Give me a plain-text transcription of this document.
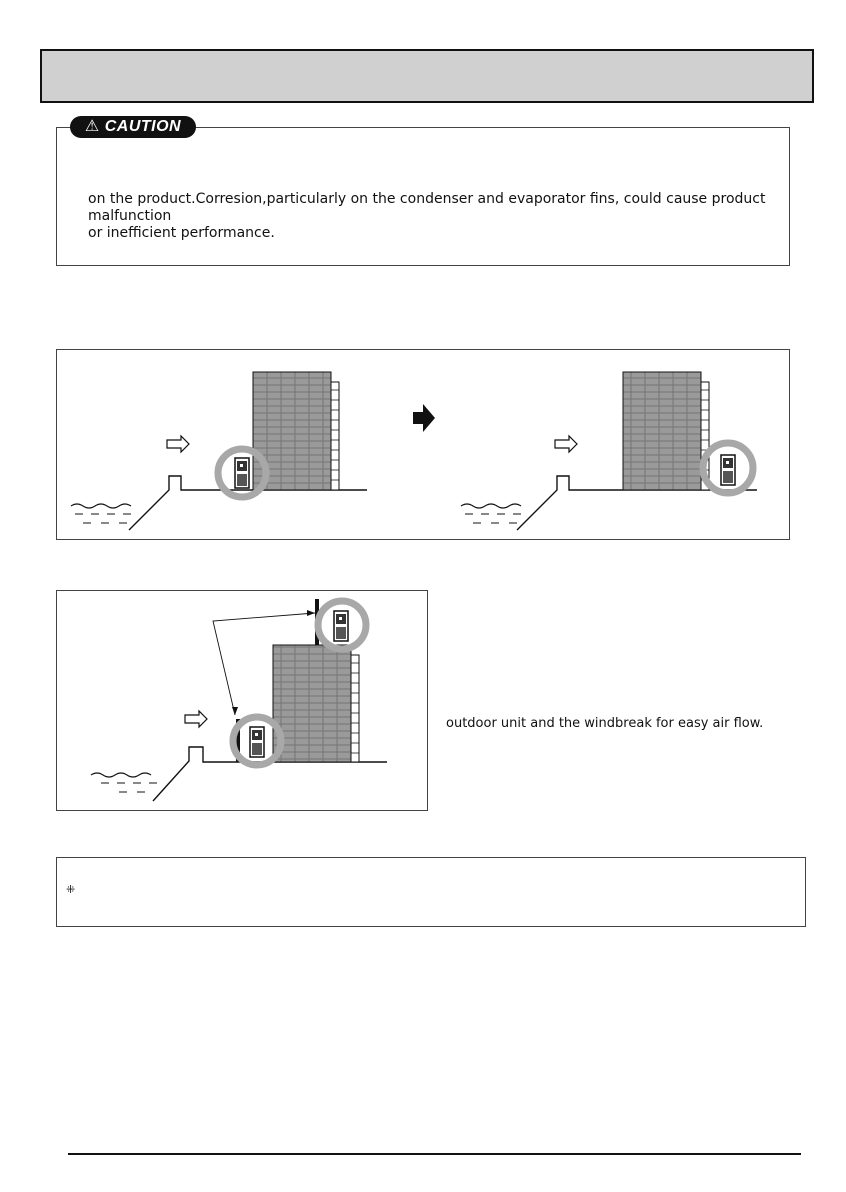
⚠ CAUTION
on the product.Corresion,particularly on the condenser and evaporator fins, could cause product malfunction
or inefficient performance.
outdoor unit and the windbreak for easy air flow.
⁜
